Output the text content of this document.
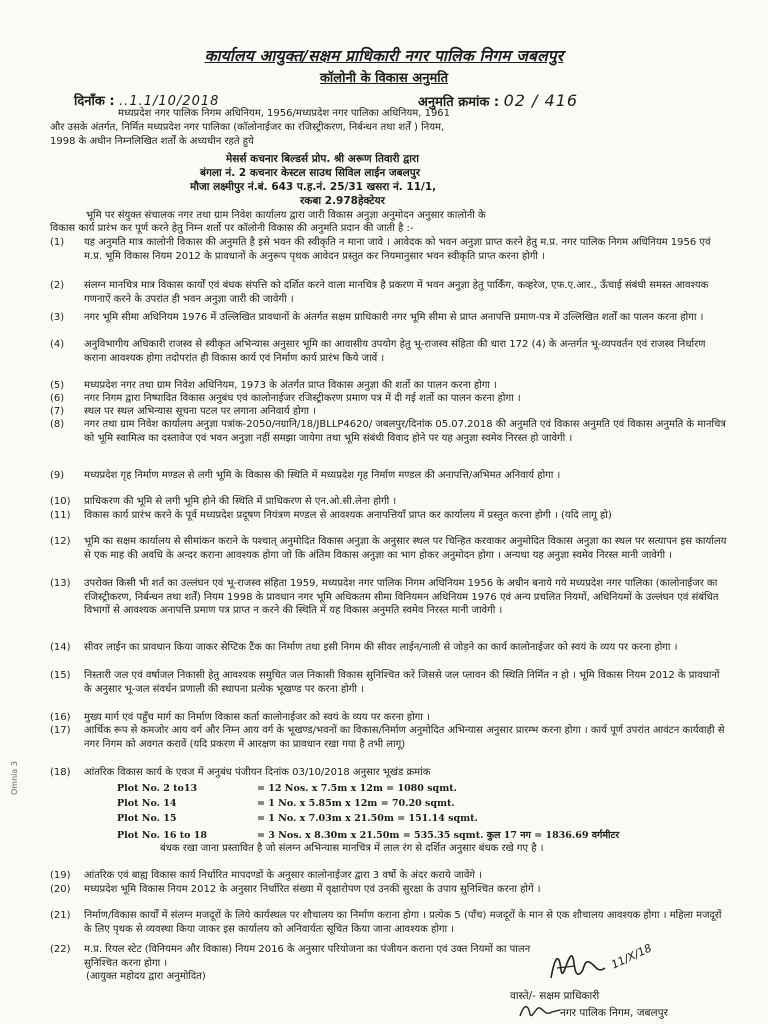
कार्यालय आयुक्त/सक्षम प्राधिकारी नगर पालिक निगम जबलपुर
कॉलोनी के विकास अनुमति
दिनाँक : ..1.1/10/2018	अनुमति क्रमांक : 02 / 416
मध्यप्रदेश नगर पालिक निगम अधिनियम, 1956/मध्यप्रदेश नगर पालिका अधिनियम, 1961
और उसके अंतर्गत, निर्मित मध्यप्रदेश नगर पालिका (कॉलोनाईजर का रजिस्ट्रीकरण, निर्बन्धन तथा शर्तें ) नियम,
1998 के अधीन निम्नलिखित शर्तों के अध्यधीन रहते हुये
मेसर्स कचनार बिल्डर्स प्रोप. श्री अरूण तिवारी द्वारा
बंगला नं. 2 कचनार केस्टल साउथ सिविल लाईन जबलपुर
मौजा लक्ष्मीपुर नं.बं. 643 प.ह.नं. 25/31 खसरा नं. 11/1,
रकबा 2.978हेक्टेयर
भूमि पर संयुक्त संचालक नगर तथा ग्राम निवेश कार्यालय द्वारा जारी विकास अनुज्ञा अनुमोदन अनुसार कालोनी के
विकास कार्य प्रारंभ कर पूर्ण करने हेतु निम्न शर्तो पर कॉलोनी विकास की अनुमति प्रदान की जाती है :-
(1) यह अनुमति मात्र कालोनी विकास की अनुमति है इसे भवन की स्वीकृति न माना जावे । आवेदक को भवन अनुज्ञा प्राप्त करने हेतु म.प्र. नगर पालिक निगम अधिनियम 1956 एवं म.प्र. भूमि विकास नियम 2012 के प्रावधानों के अनुरूप पृथक आवेदन प्रस्तुत कर नियमानुसार भवन स्वीकृति प्राप्त करना होगी ।
(2) संलग्न मानचित्र मात्र विकास कार्यों एवं बंधक संपत्ति को दर्शित करने वाला मानचित्र है प्रकरण में भवन अनुज्ञा हेतु पार्किंग, कव्हरेज, एफ.ए.आर., ऊँचाई संबंधी समस्त आवश्यक गणनाऐं करने के उपरांत ही भवन अनुज्ञा जारी की जावेगी ।
(3) नगर भूमि सीमा अधिनियम 1976 में उल्लिखित प्रावधानों के अंतर्गत सक्षम प्राधिकारी नगर भूमि सीमा से प्राप्त अनापत्ति प्रमाण-पत्र में उल्लिखित शर्तों का पालन करना होगा ।
(4) अनुविभागीय अधिकारी राजस्व से स्वीकृत अभिन्यास अनुसार भूमि का आवासीय उपयोग हेतु भू-राजस्व संहिता की धारा 172 (4) के अन्तर्गत भू-व्यपवर्तन एवं राजस्व निर्धारण कराना आवश्यक होगा तदोपरांत ही विकास कार्य एवं निर्माण कार्य प्रारंभ किये जावें ।
(5) मध्यप्रदेश नगर तथा ग्राम निवेश अधिनियम, 1973 के अंतर्गत प्राप्त विकास अनुज्ञा की शर्तो का पालन करना होगा ।
(6) नगर निगम द्वारा निष्पादित विकास अनुबंध एवं कालोनाईजर रजिस्ट्रीकरण प्रमाण पत्र में दी गई शर्तो का पालन करना होगा ।
(7) स्थल पर स्थल अभिन्यास सूचना पटल पर लगाना अनिवार्य होगा ।
(8) नगर तथा ग्राम निवेश कार्यालय अनुज्ञा पत्रांक-2050/नग्रानि/18/JBLLP4620/ जबलपुर/दिनांक 05.07.2018 की अनुमति एवं विकास अनुमति एवं विकास अनुमति के मानचित्र को भूमि स्वामित्व का दस्तावेज एवं भवन अनुज्ञा नहीं समझा जायेगा तथा भूमि संबंधी विवाद होने पर यह अनुज्ञा स्वमेव निरस्त हो जावेगी ।
(9) मध्यप्रदेश गृह निर्माण मण्डल से लगी भूमि के विकास की स्थिति में मध्यप्रदेश गृह निर्माण मण्डल की अनापत्ति/अभिमत अनिवार्य होगा ।
(10) प्राधिकरण की भूमि से लगी भूमि होने की स्थिति में प्राधिकरण से एन.ओ.सी.लेना होगी ।
(11) विकास कार्य प्रारंभ करने के पूर्व मध्यप्रदेश प्रदूषण नियंत्रण मण्डल से आवश्यक अनापत्तियाँ प्राप्त कर कार्यालय में प्रस्तुत करना होगी । (यदि लागू हो)
(12) भूमि का सक्षम कार्यालय से सीमांकन कराने के पश्चात् अनुमोदित विकास अनुज्ञा के अनुसार स्थल पर चिन्हित करवाकर अनुमोदित विकास अनुज्ञा का स्थल पर सत्यापन इस कार्यालय से एक माह की अवधि के अन्दर कराना आवश्यक होगा जो कि अंतिम विकास अनुज्ञा का भाग होकर अनुमोदन होगा । अन्यथा यह अनुज्ञा स्वमेव निरस्त मानी जावेगी ।
(13) उपरोक्त किसी भी शर्त का उल्लंघन एवं भू-राजस्व संहिता 1959, मध्यप्रदेश नगर पालिक निगम अधिनियम 1956 के अधीन बनाये गये मध्यप्रदेश नगर पालिका (कालोनाईजर का रजिस्ट्रीकरण, निर्बन्धन तथा शर्तें) नियम 1998 के प्रावधान नगर भूमि अधिकतम सीमा विनियमन अधिनियम 1976 एवं अन्य प्रचलित नियमों, अधिनियमों के उल्लंघन एवं संबंधित विभागों से आवश्यक अनापत्ति प्रमाण पत्र प्राप्त न करने की स्थिति में यह विकास अनुमति स्वमेव निरस्त मानी जावेगी ।
(14) सीवर लाईन का प्रावधान किया जाकर सेप्टिक टैंक का निर्माण तथा इसी निगम की सीवर लाईन/नाली से जोड़ने का कार्य कालोनाईजर को स्वयं के व्यय पर करना होगा ।
(15) निस्तारी जल एवं वर्षाजल निकासी हेतु आवश्यक समुचित जल निकासी विकास सुनिश्चित करें जिससे जल प्लावन की स्थिति निर्मित न हो । भूमि विकास नियम 2012 के प्रावधानों के अनुसार भू-जल संवर्धन प्रणाली की स्थापना प्रत्येक भूखण्ड पर करना होगी ।
(16) मुख्य मार्ग एवं पहुँच मार्ग का निर्माण विकास कर्ता कालोनाईजर को स्वयं के व्यय पर करना होगा ।
(17) आर्थिक रूप से कमजोर आय वर्ग और निम्न आय वर्ग के भूखण्ड/भवनों का विकास/निर्माण अनुमोदित अभिन्यास अनुसार प्रारम्भ करना होगा । कार्य पूर्ण उपरांत आवंटन कार्यवाही से नगर निगम को अवगत करावें (यदि प्रकरण में आरक्षण का प्रावधान रखा गया है तभी लागू)
(18) आंतरिक विकास कार्य के एवज में अनुबंध पंजीयन दिनांक 03/10/2018 अनुसार भूखंड क्रमांक
Plot No. 2 to13	= 12 Nos. x 7.5m x 12m = 1080 sqmt.
Plot No. 14	= 1 No. x 5.85m x 12m = 70.20 sqmt.
Plot No. 15	= 1 No. x 7.03m x 21.50m = 151.14 sqmt.
Plot No. 16 to 18	= 3 Nos. x 8.30m x 21.50m = 535.35 sqmt. कुल 17 नग = 1836.69 वर्गमीटर
बंधक रखा जाना प्रस्तावित है जो संलग्न अभिन्यास मानचित्र में लाल रंग से दर्शित अनुसार बंधक रखे गए है ।
(19) आंतरिक एवं बाह्य विकास कार्य निर्धारित मापदण्डों के अनुसार कालोनाईजर द्वारा 3 वर्षो के अंदर कराये जावेंगे ।
(20) मध्यप्रदेश भूमि विकास नियम 2012 के अनुसार निर्धारित संख्या में वृक्षारोपण एवं उनकी सुरक्षा के उपाय सुनिश्चित करना होगें ।
(21) निर्माण/विकास कार्यों में संलग्न मजदूरों के लिये कार्यस्थल पर शौचालय का निर्माण कराना होगा । प्रत्येक 5 (पाँच) मजदूरों के मान से एक शौचालय आवश्यक होगा । महिला मजदूरों के लिए पृथक से व्यवस्था किया जाकर इस कार्यालय को अनिवार्यतः सूचित किया जाना आवश्यक होगा ।
(22) म.प्र. रियल स्टेट (विनियमन और विकास) नियम 2016 के अनुसार परियोजना का पंजीयन कराना एवं उक्त नियमों का पालन सुनिश्चित करना होगा ।
(आयुक्त महोदय द्वारा अनुमोदित)
11/X/18
वास्ते/- सक्षम प्राधिकारी
नगर पालिक निगम, जबलपुर
Omnia 3
